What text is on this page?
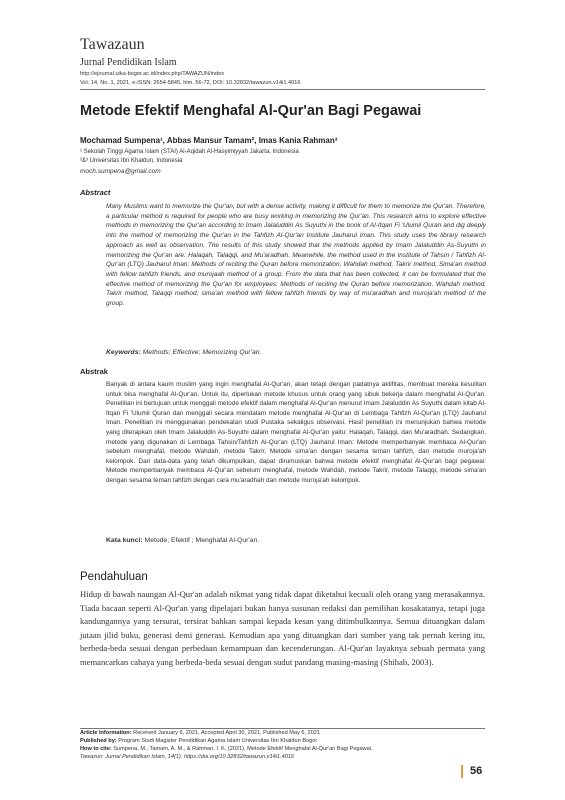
Tawazaun
Jurnal Pendidikan Islam
http://ejournal.uika-bogor.ac.id/index.php/TAWAZUN/index
Vol. 14, No. 1, 2021, e-ISSN: 2654-5845, hlm. 56-72, DOI: 10.32832/tawazun.v14i1.4016
Metode Efektif Menghafal Al-Qur'an Bagi Pegawai
Mochamad Sumpena¹, Abbas Mansur Tamam², Imas Kania Rahman³
¹ Sekolah Tinggi Agama Islam (STAI) Al-Aqidah Al-Hasyimiyyah Jakarta, Indonesia
²&³ Universitas Ibn Khaldun, Indonesia
moch.sumpena@gmail.com
Abstract
Many Muslims want to memorize the Qur'an, but with a dense activity, making it difficult for them to memorize the Qur'an. Therefore, a particular method is required for people who are busy working in memorizing the Qur'an. This research aims to explore effective methods in memorizing the Qur'an according to Imam Jalaluddin As Suyuthi in the book of Al-Itqan Fi 'Ulumil Quran and dig deeply into the method of memorizing the Qur'an in the Tahfizh Al-Qur'an Institute Jauharul Iman. This study uses the library research approach as well as observation. The results of this study showed that the methods applied by Imam Jalaluddin As-Suyuthi in memorizing the Qur'an are: Halaqah, Talaqqi, and Mu'aradhah. Meanwhile, the method used in the Institute of Tahsin / Tahfizh Al-Qur'an (LTQ) Jauharul Iman: Methods of reciting the Quran before memorization, Wahdah method, Takrir method, Sima'an method with fellow tahfizh friends, and murojaah method of a group. From the data that has been collected, it can be formulated that the effective method of memorizing the Qur'an for employees: Methods of reciting the Quran before memorization, Wahdah method, Takrir method, Talaqqi method, sima'an method with fellow tahfizh friends by way of mu'aradhah and muroja'ah method of the group.
Keywords: Methods; Effective; Memorizing Qur'an.
Abstrak
Banyak di antara kaum muslim yang ingin menghafal Al-Qur'an, akan tetapi dengan padatnya aktifitas, membuat mereka kesulitan untuk bisa menghafal Al-Qur'an. Untuk itu, diperlukan metode khusus untuk orang yang sibuk bekerja dalam menghafal Al-Qur'an. Penelitian ini bertujuan untuk menggali metode efektif dalam menghafal Al-Qur'an menurut Imam Jalaluddin As Suyuthi dalam kitab Al-Itqan Fi 'Ulumil Quran dan menggali secara mendalam metode menghafal Al-Qur'an di Lembaga Tahfizh Al-Qur'an (LTQ) Jauharul Iman. Penelitian ini menggunakan pendekatan studi Pustaka sekaligus observasi. Hasil penelitian ini menunjukan bahwa metode yang diterapkan oleh Imam Jalaluddin As-Suyuthi dalam menghafal Al-Qur'an yaitu: Halaqah, Talaqqi, dan Mu'aradhah. Sedangkan, metode yang digunakan di Lembaga Tahsin/Tahfizh Al-Qur'an (LTQ) Jauharul Iman: Metode memperbanyak membaca Al-Qur'an sebelum menghafal, metode Wahdah, metode Takrir, Metode sima'an dengan sesama teman tahfizh, dan metode muroja'ah kelompok. Dari data-data yang telah dikumpulkan, dapat dirumuskan bahwa metode efektif menghafal Al-Qur'an bagi pegawai: Metode memperbanyak membaca Al-Qur'an sebelum menghafal, metode Wahdah, metode Takrir, metode Talaqqi, metode sima'an dengan sesama teman tahfizh dengan cara mu'aradhah dan metode muroja'ah kelompok.
Kata kunci: Metode; Efektif ; Menghafal Al-Qur'an.
Pendahuluan
Hidup di bawah naungan Al-Qur'an adalah nikmat yang tidak dapat diketahui kecuali oleh orang yang merasakannya. Tiada bacaan seperti Al-Qur'an yang dipelajari bukan hanya susunan redaksi dan pemilihan kosakatanya, tetapi juga kandungannya yang tersurat, tersirat bahkan sampai kepada kesan yang ditimbulkannya. Semua dituangkan dalam jutaan jilid buku, generasi demi generasi. Kemudian apa yang dituangkan dari sumber yang tak pernah kering itu, berbeda-beda sesuai dengan perbedaan kemampuan dan kecenderungan. Al-Qur'an layaknya sebuah permata yang memancarkan cahaya yang berbeda-beda sesuai dengan sudut pandang masing-masing (Shihab, 2003).
Article Information: Received January 6, 2021, Accepted April 30, 2021, Published May 6, 2021
Published by: Program Studi Magister Pendidikan Agama Islam Universitas Ibn Khaldun Bogor
How to cite: Sumpena, M., Tamam, A. M., & Rahman, I. K. (2021). Metode Efektif Menghafal Al-Qur'an Bagi Pegawai.
Tawazun: Jurnal Pendidikan Islam, 14(1). https://doi.org/10.32832/tawazun.v14i1.4016
56
